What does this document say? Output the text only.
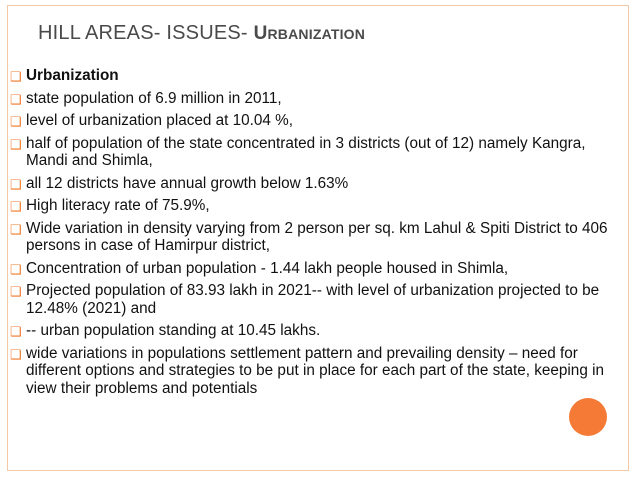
HILL AREAS- ISSUES- URBANIZATION
❑ Urbanization
❑ state population of 6.9 million in 2011,
❑ level of urbanization placed at 10.04 %,
❑ half of population of the state concentrated in 3 districts (out of 12) namely Kangra, Mandi and Shimla,
❑ all 12 districts have annual growth below 1.63%
❑ High literacy rate of 75.9%,
❑ Wide variation in density varying from 2 person per sq. km Lahul & Spiti District to 406 persons in case of Hamirpur district,
❑ Concentration of urban population - 1.44 lakh people housed in Shimla,
❑ Projected population of 83.93 lakh in 2021-- with level of urbanization projected to be 12.48% (2021) and
❑ -- urban population standing at 10.45 lakhs.
❑ wide variations in populations settlement pattern and prevailing density – need for different options and strategies to be put in place for each part of the state, keeping in view their problems and potentials
